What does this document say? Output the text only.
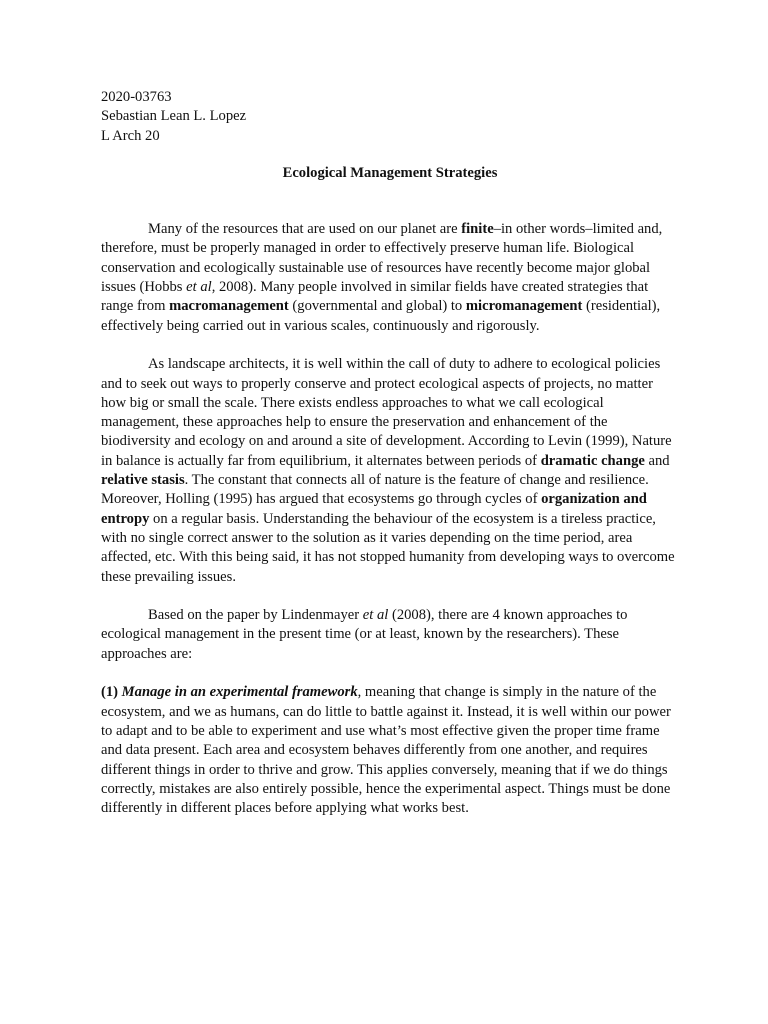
2020-03763

Sebastian Lean L. Lopez

L Arch 20

Ecological Management Strategies

Many of the resources that are used on our planet are finite–in other words–limited and, therefore, must be properly managed in order to effectively preserve human life. Biological conservation and ecologically sustainable use of resources have recently become major global issues (Hobbs et al, 2008). Many people involved in similar fields have created strategies that range from macromanagement (governmental and global) to micromanagement (residential), effectively being carried out in various scales, continuously and rigorously.

As landscape architects, it is well within the call of duty to adhere to ecological policies and to seek out ways to properly conserve and protect ecological aspects of projects, no matter how big or small the scale. There exists endless approaches to what we call ecological management, these approaches help to ensure the preservation and enhancement of the biodiversity and ecology on and around a site of development. According to Levin (1999), Nature in balance is actually far from equilibrium, it alternates between periods of dramatic change and relative stasis. The constant that connects all of nature is the feature of change and resilience. Moreover, Holling (1995) has argued that ecosystems go through cycles of organization and entropy on a regular basis. Understanding the behaviour of the ecosystem is a tireless practice, with no single correct answer to the solution as it varies depending on the time period, area affected, etc. With this being said, it has not stopped humanity from developing ways to overcome these prevailing issues.

Based on the paper by Lindenmayer et al (2008), there are 4 known approaches to ecological management in the present time (or at least, known by the researchers). These approaches are:

(1) Manage in an experimental framework, meaning that change is simply in the nature of the ecosystem, and we as humans, can do little to battle against it. Instead, it is well within our power to adapt and to be able to experiment and use what’s most effective given the proper time frame and data present. Each area and ecosystem behaves differently from one another, and requires different things in order to thrive and grow. This applies conversely, meaning that if we do things correctly, mistakes are also entirely possible, hence the experimental aspect. Things must be done differently in different places before applying what works best.
